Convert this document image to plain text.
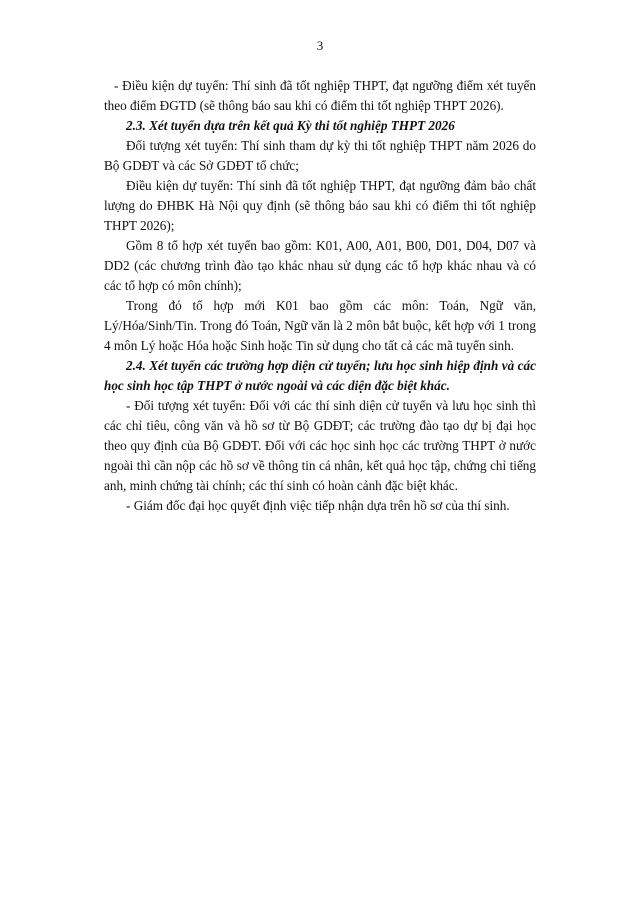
3

- Điều kiện dự tuyển: Thí sinh đã tốt nghiệp THPT, đạt ngưỡng điểm xét tuyển theo điểm ĐGTD (sẽ thông báo sau khi có điểm thi tốt nghiệp THPT 2026).

2.3. Xét tuyển dựa trên kết quả Kỳ thi tốt nghiệp THPT 2026

Đối tượng xét tuyển: Thí sinh tham dự kỳ thi tốt nghiệp THPT năm 2026 do Bộ GDĐT và các Sở GDĐT tổ chức;

Điều kiện dự tuyển: Thí sinh đã tốt nghiệp THPT, đạt ngưỡng đảm bảo chất lượng do ĐHBK Hà Nội quy định (sẽ thông báo sau khi có điểm thi tốt nghiệp THPT 2026);

Gồm 8 tổ hợp xét tuyển bao gồm: K01, A00, A01, B00, D01, D04, D07 và DD2 (các chương trình đào tạo khác nhau sử dụng các tổ hợp khác nhau và có các tổ hợp có môn chính);

Trong đó tổ hợp mới K01 bao gồm các môn: Toán, Ngữ văn, Lý/Hóa/Sinh/Tin. Trong đó Toán, Ngữ văn là 2 môn bắt buộc, kết hợp với 1 trong 4 môn Lý hoặc Hóa hoặc Sinh hoặc Tin sử dụng cho tất cả các mã tuyển sinh.

2.4. Xét tuyển các trường hợp diện cử tuyển; lưu học sinh hiệp định và các học sinh học tập THPT ở nước ngoài và các diện đặc biệt khác.

- Đối tượng xét tuyển: Đối với các thí sinh diện cử tuyển và lưu học sinh thì các chỉ tiêu, công văn và hồ sơ từ Bộ GDĐT; các trường đào tạo dự bị đại học theo quy định của Bộ GDĐT. Đối với các học sinh học các trường THPT ở nước ngoài thì cần nộp các hồ sơ về thông tin cá nhân, kết quả học tập, chứng chỉ tiếng anh, minh chứng tài chính; các thí sinh có hoàn cảnh đặc biệt khác.

- Giám đốc đại học quyết định việc tiếp nhận dựa trên hồ sơ của thí sinh.
